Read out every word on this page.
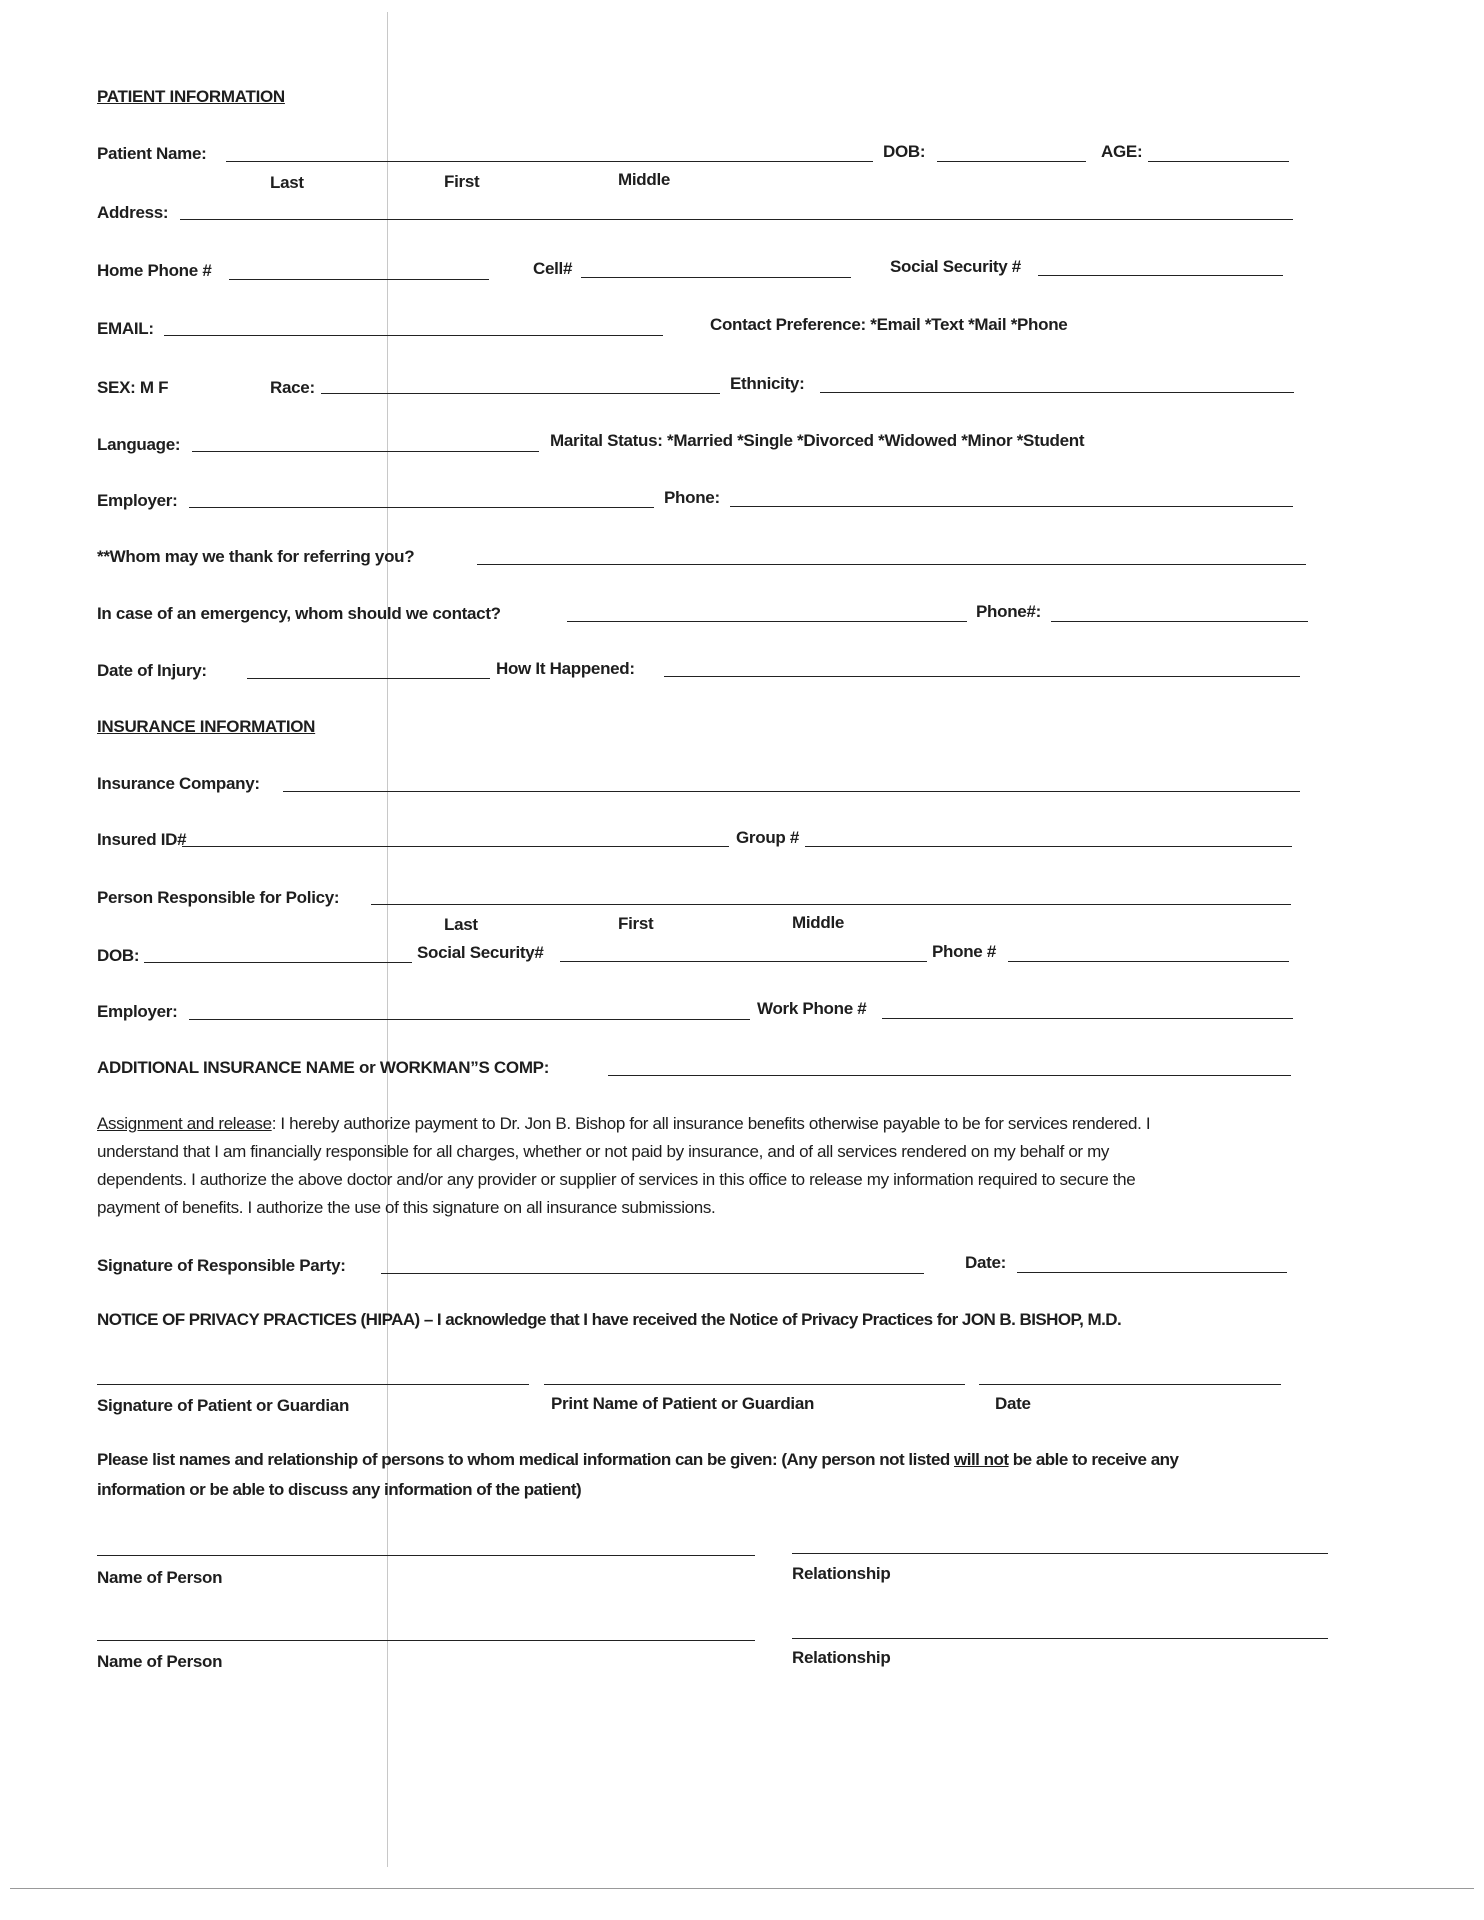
PATIENT INFORMATION
Patient Name:	DOB:	AGE:
Last	First	Middle
Address:
Home Phone #	Cell#	Social Security #
EMAIL:	Contact Preference: *Email *Text *Mail *Phone
SEX: M F	Race:	Ethnicity:
Language:	Marital Status: *Married *Single *Divorced *Widowed *Minor *Student
Employer:	Phone:
**Whom may we thank for referring you?
In case of an emergency, whom should we contact?	Phone#:
Date of Injury:	How It Happened:
INSURANCE INFORMATION
Insurance Company:
Insured ID#	Group #
Person Responsible for Policy:
Last	First	Middle
DOB:	Social Security#	Phone #
Employer:	Work Phone #
ADDITIONAL INSURANCE NAME or WORKMAN”S COMP:
Assignment and release: I hereby authorize payment to Dr. Jon B. Bishop for all insurance benefits otherwise payable to be for services rendered. I
understand that I am financially responsible for all charges, whether or not paid by insurance, and of all services rendered on my behalf or my
dependents. I authorize the above doctor and/or any provider or supplier of services in this office to release my information required to secure the
payment of benefits. I authorize the use of this signature on all insurance submissions.
Signature of Responsible Party:	Date:
NOTICE OF PRIVACY PRACTICES (HIPAA) – I acknowledge that I have received the Notice of Privacy Practices for JON B. BISHOP, M.D.
Signature of Patient or Guardian	Print Name of Patient or Guardian	Date
Please list names and relationship of persons to whom medical information can be given: (Any person not listed will not be able to receive any
information or be able to discuss any information of the patient)
Name of Person	Relationship
Name of Person	Relationship
